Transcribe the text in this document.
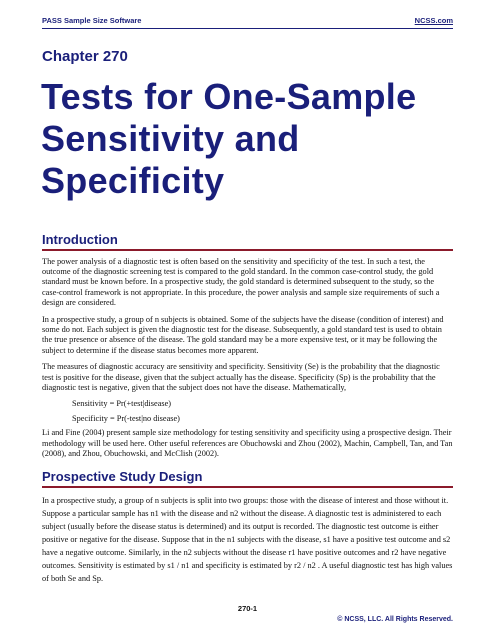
PASS Sample Size Software	NCSS.com
Chapter 270
Tests for One-Sample Sensitivity and Specificity
Introduction

The power analysis of a diagnostic test is often based on the sensitivity and specificity of the test. In such a test, the outcome of the diagnostic screening test is compared to the gold standard. In the common case-control study, the gold standard must be known before. In a prospective study, the gold standard is determined subsequent to the study, so the case-control framework is not appropriate. In this procedure, the power analysis and sample size requirements of such a design are considered.

In a prospective study, a group of n subjects is obtained. Some of the subjects have the disease (condition of interest) and some do not. Each subject is given the diagnostic test for the disease. Subsequently, a gold standard test is used to obtain the true presence or absence of the disease. The gold standard may be a more expensive test, or it may be following the subject to determine if the disease status becomes more apparent.

The measures of diagnostic accuracy are sensitivity and specificity. Sensitivity (Se) is the probability that the diagnostic test is positive for the disease, given that the subject actually has the disease. Specificity (Sp) is the probability that the diagnostic test is negative, given that the subject does not have the disease. Mathematically,

Sensitivity = Pr(+test|disease)
Specificity = Pr(-test|no disease)

Li and Fine (2004) present sample size methodology for testing sensitivity and specificity using a prospective design. Their methodology will be used here. Other useful references are Obuchowski and Zhou (2002), Machin, Campbell, Tan, and Tan (2008), and Zhou, Obuchowski, and McClish (2002).

Prospective Study Design

In a prospective study, a group of n subjects is split into two groups: those with the disease of interest and those without it. Suppose a particular sample has n1 with the disease and n2 without the disease. A diagnostic test is administered to each subject (usually before the disease status is determined) and its output is recorded. The diagnostic test outcome is either positive or negative for the disease. Suppose that in the n1 subjects with the disease, s1 have a positive test outcome and s2 have a negative outcome. Similarly, in the n2 subjects without the disease r1 have positive outcomes and r2 have negative outcomes. Sensitivity is estimated by s1 / n1 and specificity is estimated by r2 / n2 . A useful diagnostic test has high values of both Se and Sp.

270-1
© NCSS, LLC. All Rights Reserved.
